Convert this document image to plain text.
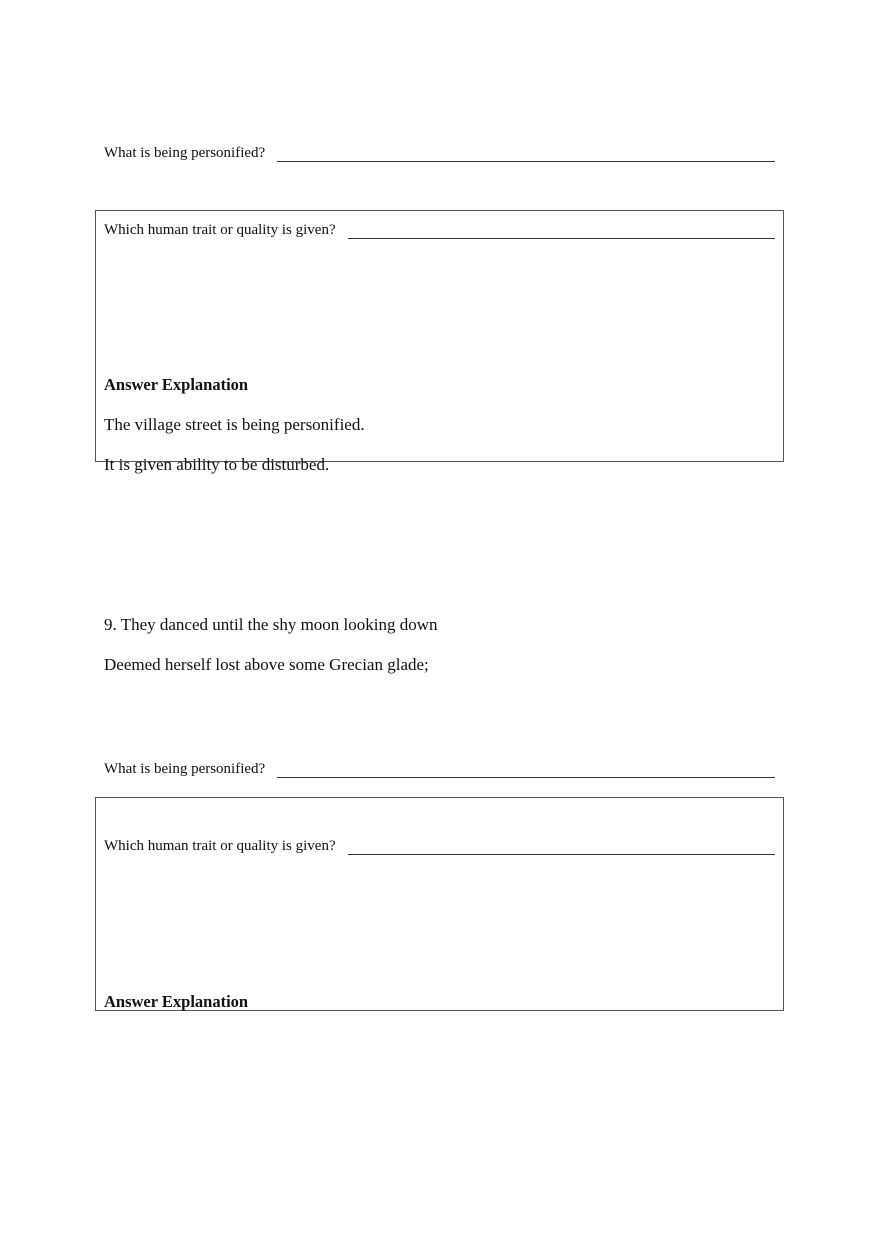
What is being personified?

Which human trait or quality is given?

Answer Explanation

The village street is being personified.

It is given ability to be disturbed.

9. They danced until the shy moon looking down

Deemed herself lost above some Grecian glade;

What is being personified?

Which human trait or quality is given?

Answer Explanation
